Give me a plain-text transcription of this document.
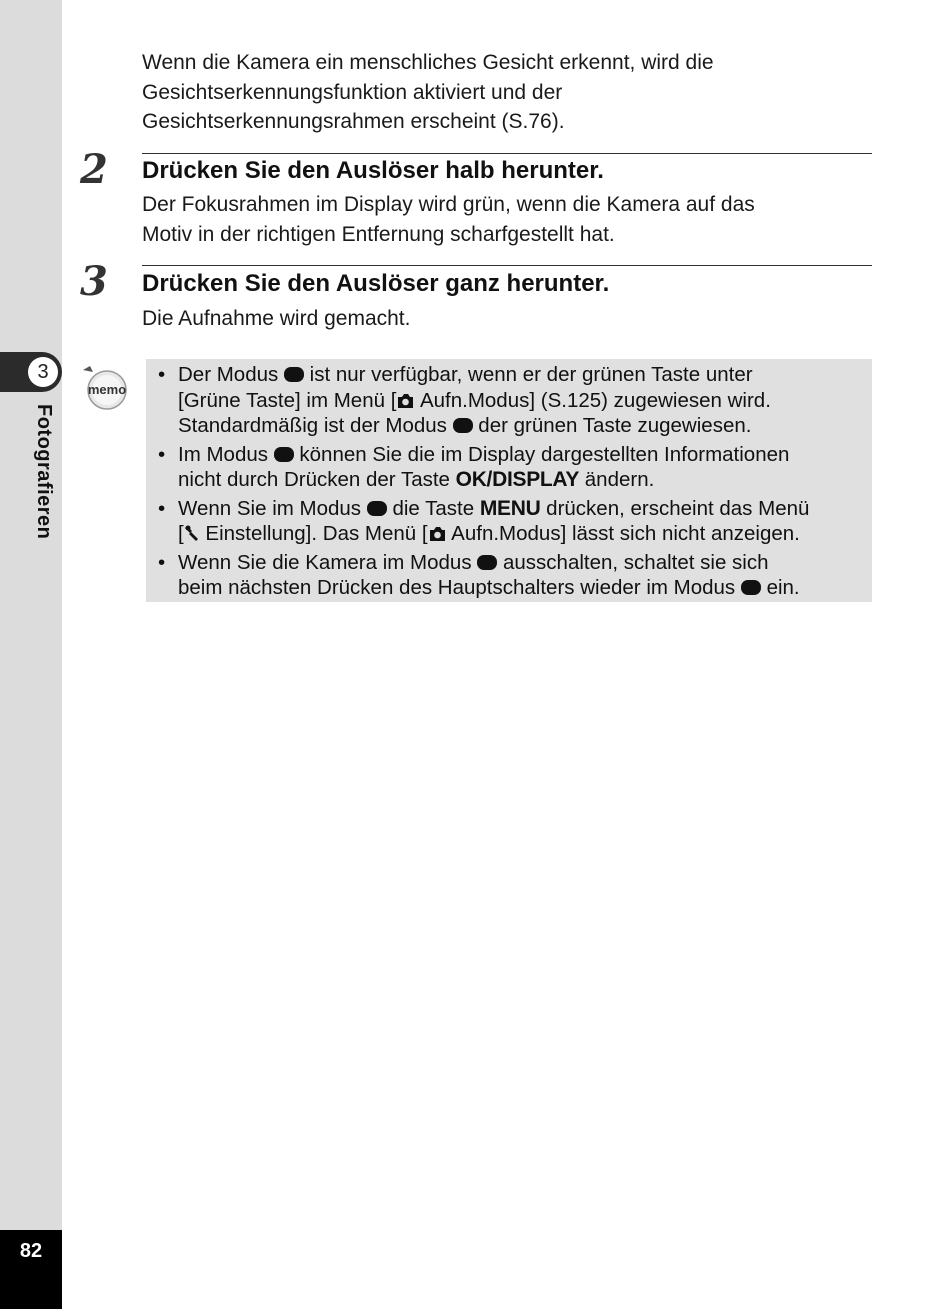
3
Fotografieren
82

Wenn die Kamera ein menschliches Gesicht erkennt, wird die
Gesichtserkennungsfunktion aktiviert und der
Gesichtserkennungsrahmen erscheint (S.76).

2 Drücken Sie den Auslöser halb herunter.

Der Fokusrahmen im Display wird grün, wenn die Kamera auf das
Motiv in der richtigen Entfernung scharfgestellt hat.

3 Drücken Sie den Auslöser ganz herunter.

Die Aufnahme wird gemacht.

memo
• Der Modus  ist nur verfügbar, wenn er der grünen Taste unter
[Grüne Taste] im Menü [ Aufn.Modus] (S.125) zugewiesen wird.
Standardmäßig ist der Modus  der grünen Taste zugewiesen.
• Im Modus  können Sie die im Display dargestellten Informationen
nicht durch Drücken der Taste OK/DISPLAY ändern.
• Wenn Sie im Modus  die Taste MENU drücken, erscheint das Menü
[ Einstellung]. Das Menü [ Aufn.Modus] lässt sich nicht anzeigen.
• Wenn Sie die Kamera im Modus  ausschalten, schaltet sie sich
beim nächsten Drücken des Hauptschalters wieder im Modus  ein.
